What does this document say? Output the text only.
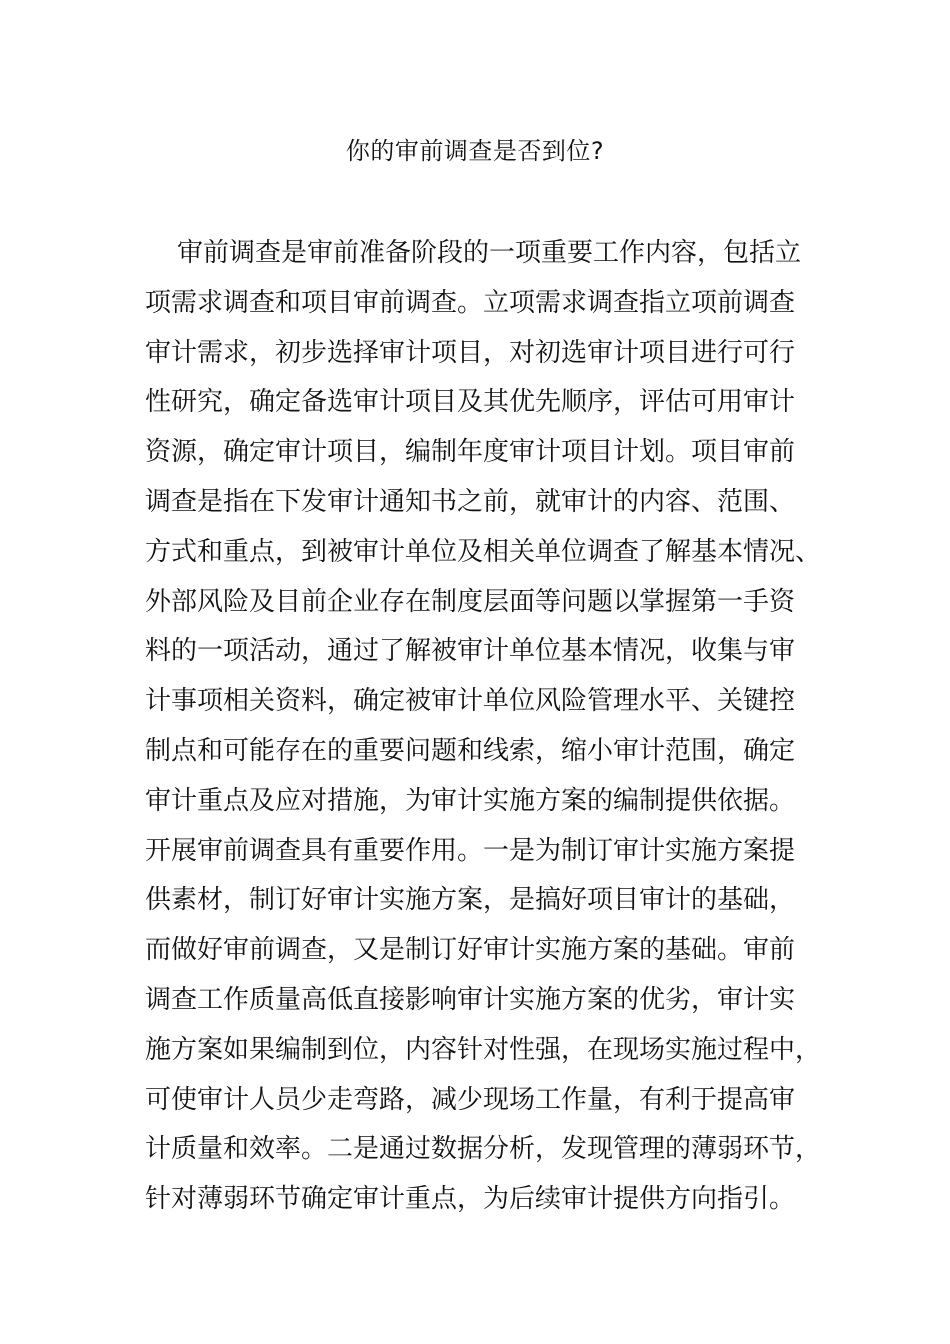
你的审前调查是否到位?
审前调查是审前准备阶段的一项重要工作内容，包括立
项需求调查和项目审前调查。立项需求调查指立项前调查
审计需求，初步选择审计项目，对初选审计项目进行可行
性研究，确定备选审计项目及其优先顺序，评估可用审计
资源，确定审计项目，编制年度审计项目计划。项目审前
调查是指在下发审计通知书之前，就审计的内容、范围、
方式和重点，到被审计单位及相关单位调查了解基本情况、
外部风险及目前企业存在制度层面等问题以掌握第一手资
料的一项活动，通过了解被审计单位基本情况，收集与审
计事项相关资料，确定被审计单位风险管理水平、关键控
制点和可能存在的重要问题和线索，缩小审计范围，确定
审计重点及应对措施，为审计实施方案的编制提供依据。
开展审前调查具有重要作用。一是为制订审计实施方案提
供素材，制订好审计实施方案，是搞好项目审计的基础，
而做好审前调查，又是制订好审计实施方案的基础。审前
调查工作质量高低直接影响审计实施方案的优劣，审计实
施方案如果编制到位，内容针对性强，在现场实施过程中，
可使审计人员少走弯路，减少现场工作量，有利于提高审
计质量和效率。二是通过数据分析，发现管理的薄弱环节，
针对薄弱环节确定审计重点，为后续审计提供方向指引。
